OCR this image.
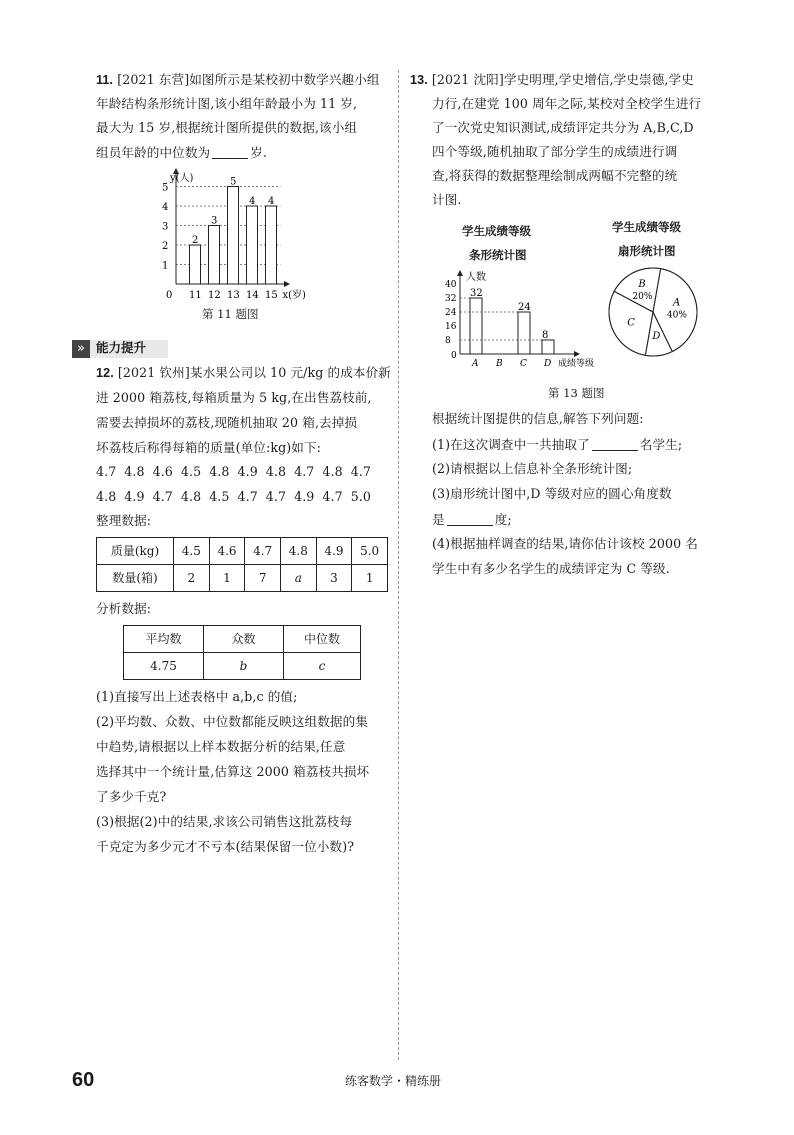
11. [2021 东营]如图所示是某校初中数学兴趣小组
年龄结构条形统计图,该小组年龄最小为 11 岁,
最大为 15 岁,根据统计图所提供的数据,该小组
组员年龄的中位数为	岁.
1
2
3
4
5
y(人)
0
2
11
3
12
5
13
4
14
4
15 x(岁)
第 11 题图
» 能力提升
12. [2021 钦州]某水果公司以 10 元/kg 的成本价新
进 2000 箱荔枝,每箱质量为 5 kg,在出售荔枝前,
需要去掉损坏的荔枝,现随机抽取 20 箱,去掉损
坏荔枝后称得每箱的质量(单位:kg)如下:
4.7 4.8 4.6 4.5 4.8 4.9 4.8 4.7 4.8 4.7
4.8 4.9 4.7 4.8 4.5 4.7 4.7 4.9 4.7 5.0
整理数据:
质量(kg)	4.5	4.6	4.7	4.8	4.9	5.0
数量(箱)	2	1	7	a	3	1
分析数据:
平均数	众数	中位数
4.75	b	c
(1)直接写出上述表格中 a,b,c 的值;
(2)平均数、众数、中位数都能反映这组数据的集
中趋势,请根据以上样本数据分析的结果,任意
选择其中一个统计量,估算这 2000 箱荔枝共损坏
了多少千克?
(3)根据(2)中的结果,求该公司销售这批荔枝每
千克定为多少元才不亏本(结果保留一位小数)?
13. [2021 沈阳]学史明理,学史增信,学史崇德,学史
力行,在建党 100 周年之际,某校对全校学生进行
了一次党史知识测试,成绩评定共分为 A,B,C,D
四个等级,随机抽取了部分学生的成绩进行调
查,将获得的数据整理绘制成两幅不完整的统
计图.
学生成绩等级
条形统计图
学生成绩等级
扇形统计图
人数
0
8
16
24
32
40
32
A B
24
C
8
D 成绩等级
A
40%
D
C
B
20%
第 13 题图
根据统计图提供的信息,解答下列问题:
(1)在这次调查中一共抽取了	名学生;
(2)请根据以上信息补全条形统计图;
(3)扇形统计图中,D 等级对应的圆心角度数
是	度;
(4)根据抽样调查的结果,请你估计该校 2000 名
学生中有多少名学生的成绩评定为 C 等级.
60	练客数学・精练册
